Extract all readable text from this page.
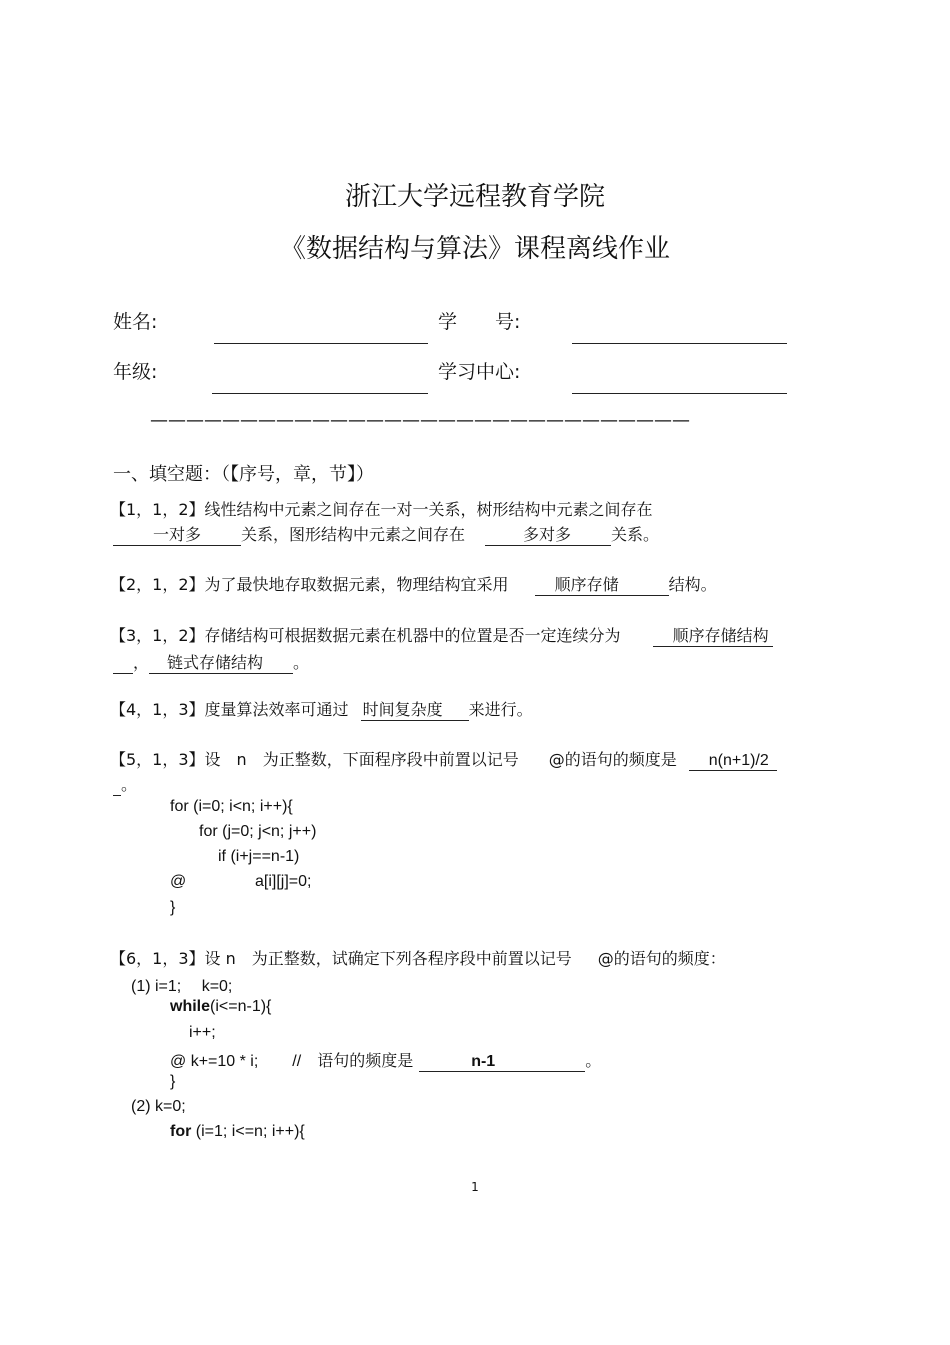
浙江大学远程教育学院
《数据结构与算法》课程离线作业
姓名:	学　　号:
年级:	学习中心:
——————————————————————————————
一、填空题：（【序号，章，节】）
【1，1，2】线性结构中元素之间存在一对一关系，树形结构中元素之间存在
一对多	关系，图形结构中元素之间存在	多对多	关系。
【2，1，2】为了最快地存取数据元素，物理结构宜采用	顺序存储	结构。
【3，1，2】存储结构可根据数据元素在机器中的位置是否一定连续分为	顺序存储结构
， 链式存储结构 。
【4，1，3】度量算法效率可通过 时间复杂度 来进行。
【5，1，3】设　n　为正整数，下面程序段中前置以记号 @的语句的频度是 n(n+1)/2
。
for (i=0; i<n; i++){
for (j=0; j<n; j++)
if (i+j==n-1)
@	a[i][j]=0;
}
【6，1，3】设 n　为正整数，试确定下列各程序段中前置以记号 @的语句的频度：
(1) i=1;　 k=0;
while(i<=n-1){
i++;
@ k+=10 * i; //　语句的频度是	n-1	。
}
(2) k=0;
for (i=1; i<=n; i++){
1
